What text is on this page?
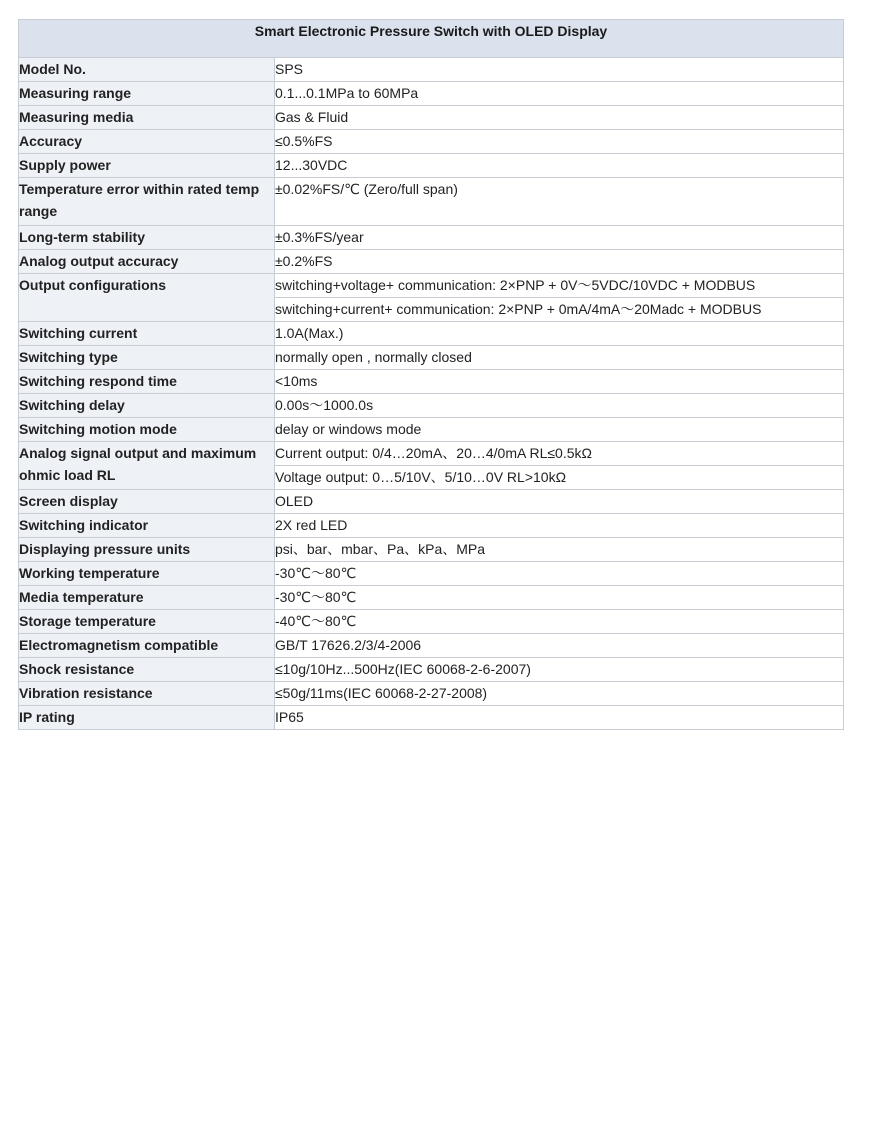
Smart Electronic Pressure Switch with OLED Display	
Model No.	SPS
Measuring range	0.1...0.1MPa to 60MPa
Measuring media	Gas & Fluid
Accuracy	≤0.5%FS
Supply power	12...30VDC
Temperature error within rated temp range	±0.02%FS/℃ (Zero/full span)
Long-term stability	±0.3%FS/year
Analog output accuracy	±0.2%FS
Output configurations	switching+voltage+ communication: 2×PNP + 0V～5VDC/10VDC + MODBUS
	switching+current+ communication: 2×PNP + 0mA/4mA～20Madc + MODBUS
Switching current	1.0A(Max.)
Switching type	normally open , normally closed
Switching respond time	<10ms
Switching delay	0.00s～1000.0s
Switching motion mode	delay or windows mode
Analog signal output and maximum ohmic load RL	Current output: 0/4…20mA、20…4/0mA RL≤0.5kΩ
	Voltage output: 0…5/10V、5/10…0V RL>10kΩ
Screen display	OLED
Switching indicator	2X red LED
Displaying pressure units	psi、bar、mbar、Pa、kPa、MPa
Working temperature	-30℃～80℃
Media temperature	-30℃～80℃
Storage temperature	-40℃～80℃
Electromagnetism compatible	GB/T 17626.2/3/4-2006
Shock resistance	≤10g/10Hz...500Hz(IEC 60068-2-6-2007)
Vibration resistance	≤50g/11ms(IEC 60068-2-27-2008)
IP rating	IP65
